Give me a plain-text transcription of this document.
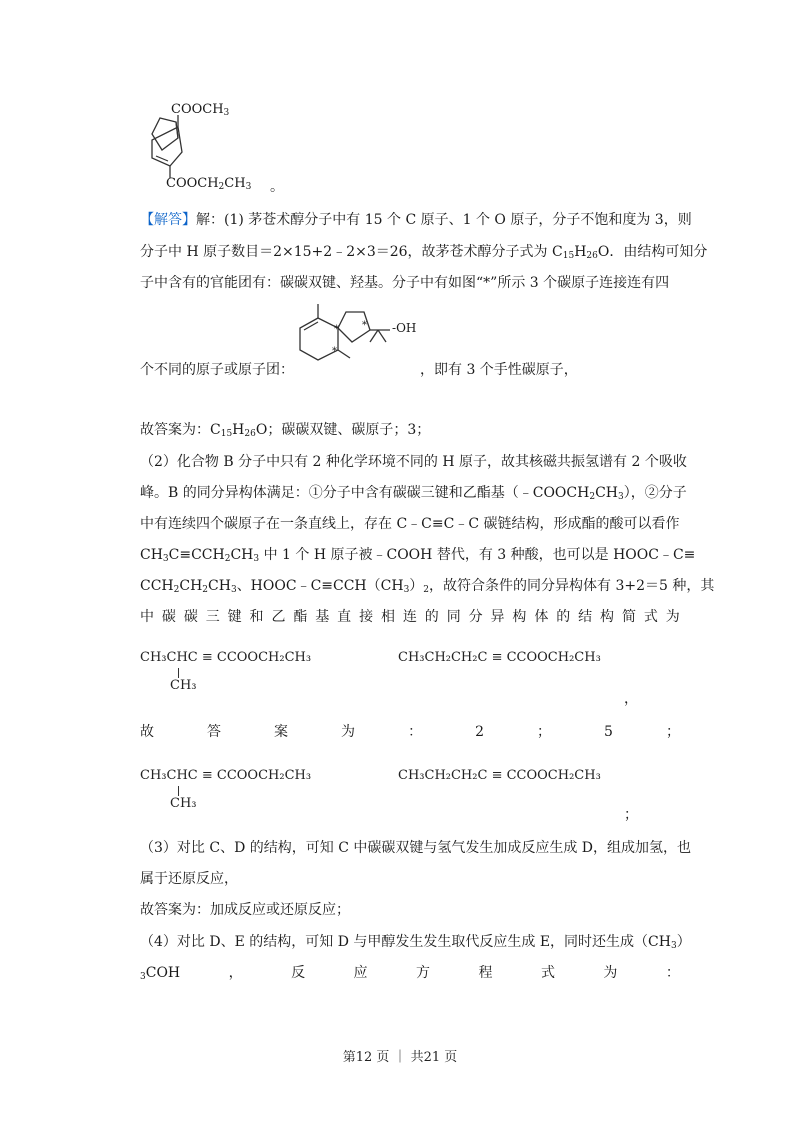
$COOCH_3$
$COOCH_2CH_3$ 。
【解答】解：(1) 茅苍术醇分子中有 15 个 C 原子、1 个 O 原子，分子不饱和度为 3，则
分子中 H 原子数目＝2×15+2﹣2×3＝26，故茅苍术醇分子式为 $C_{15}H_{26}O$．由结构可知分
子中含有的官能团有：碳碳双键、羟基。分子中有如图“*”所示 3 个碳原子连接连有四
-OH
* *
*
个不同的原子或原子团：	，即有 3 个手性碳原子，
故答案为：$C_{15}H_{26}O$；碳碳双键、碳原子；3；
（2）化合物 B 分子中只有 2 种化学环境不同的 H 原子，故其核磁共振氢谱有 2 个吸收
峰。B 的同分异构体满足：①分子中含有碳碳三键和乙酯基$(﹣COOCH_2CH_3)$，②分子
中有连续四个碳原子在一条直线上，存在 C﹣C≡C﹣C 碳链结构，形成酯的酸可以看作
$CH_3C\equiv CCH_2CH_3$ 中 1 个 H 原子被﹣COOH 替代，有 3 种酸，也可以是 HOOC﹣C≡
$CCH_2CH_2CH_3$、$HOOC﹣C\equiv CCH(CH_3)_2$，故符合条件的同分异构体有 3+2＝5 种，其
中 碳 碳 三 键 和 乙 酯 基 直 接 相 连 的 同 分 异 构 体 的 结 构 简 式 为
CH₃CHC ≡ CCOOCH₂CH₃
CH₃
CH₃CH₂CH₂C ≡ CCOOCH₂CH₃
，
故	答	案	为	：	2	；	5	；
CH₃CHC ≡ CCOOCH₂CH₃
CH₃
CH₃CH₂CH₂C ≡ CCOOCH₂CH₃
；
（3）对比 C、D 的结构，可知 C 中碳碳双键与氢气发生加成反应生成 D，组成加氢，也
属于还原反应，
故答案为：加成反应或还原反应；
（4）对比 D、E 的结构，可知 D 与甲醇发生发生取代反应生成 E，同时还生成$(CH_3)$
$_3$COH	，	反	应	方	程	式	为	：
第12 页 ｜ 共21 页
